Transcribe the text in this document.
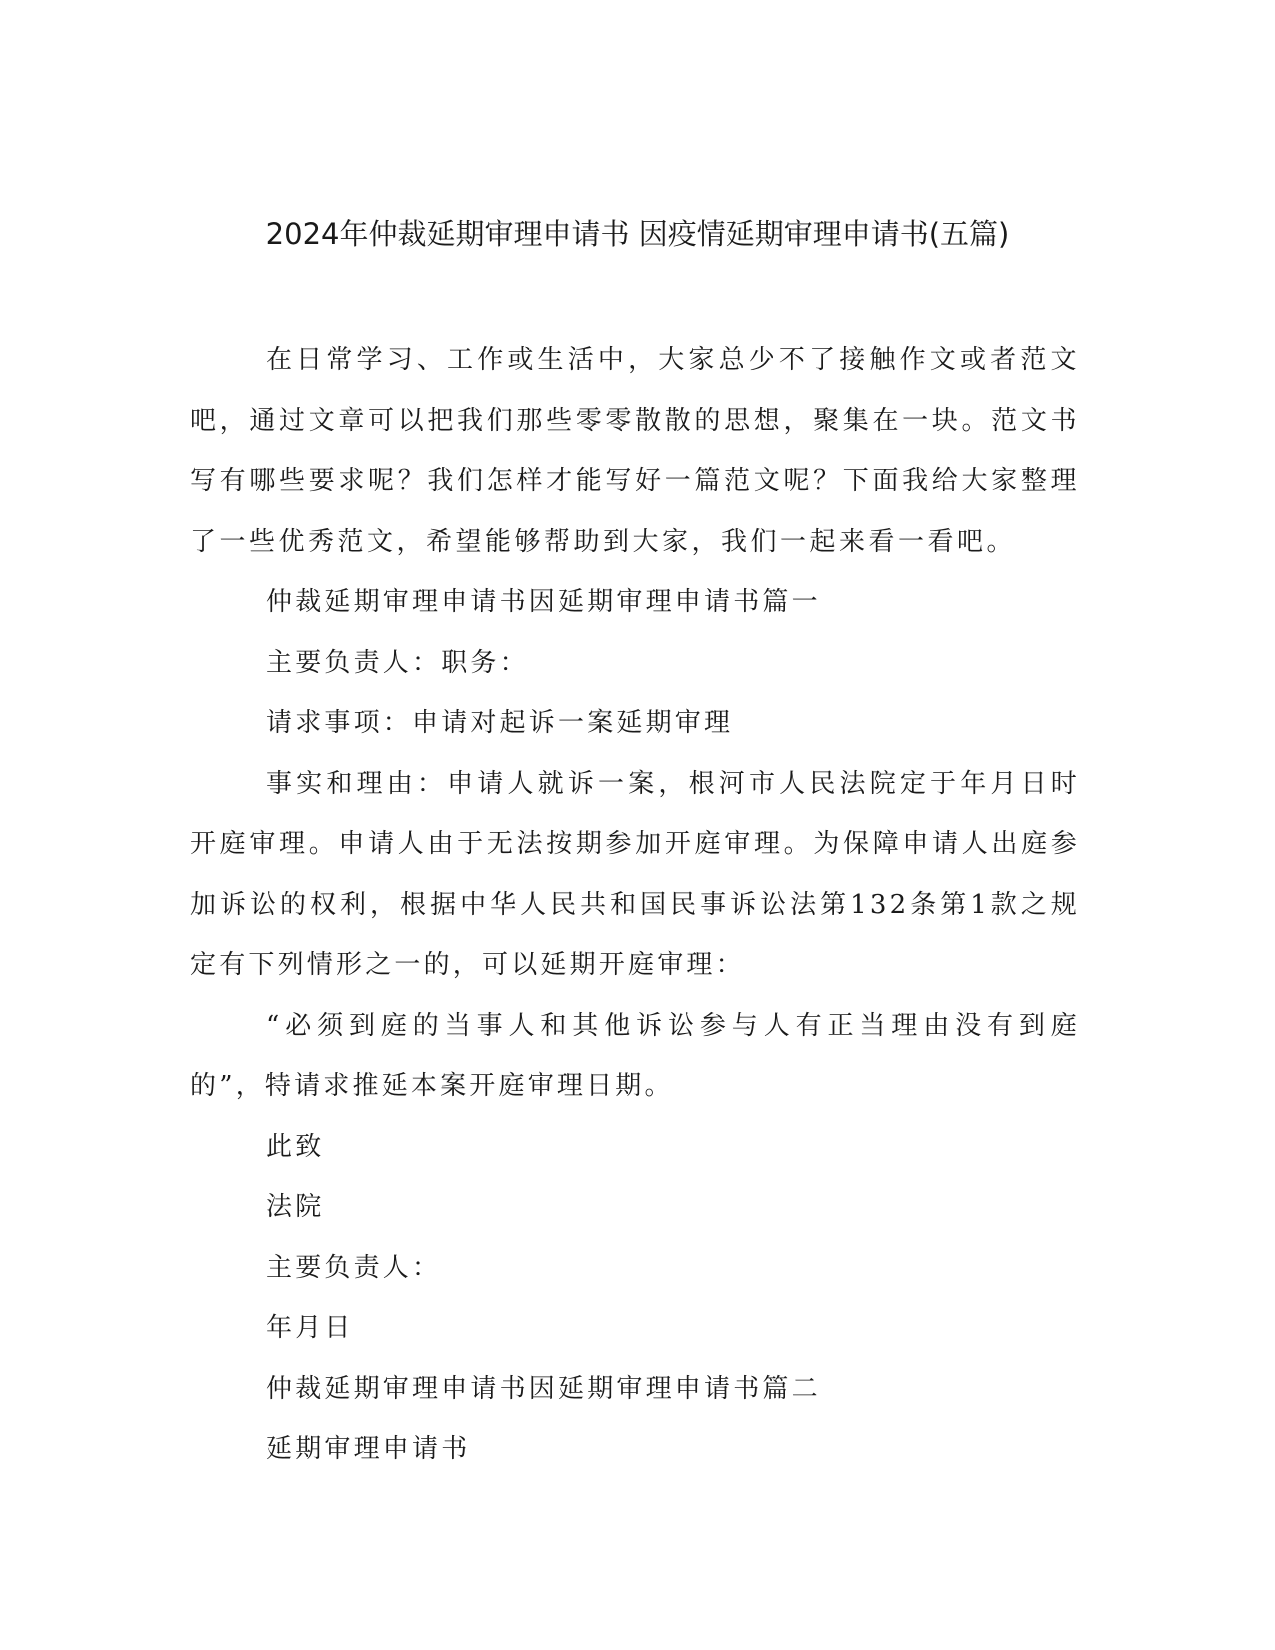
2024年仲裁延期审理申请书 因疫情延期审理申请书(五篇)

在日常学习、工作或生活中，大家总少不了接触作文或者范文吧，通过文章可以把我们那些零零散散的思想，聚集在一块。范文书写有哪些要求呢？我们怎样才能写好一篇范文呢？下面我给大家整理了一些优秀范文，希望能够帮助到大家，我们一起来看一看吧。

仲裁延期审理申请书因延期审理申请书篇一

主要负责人：职务：

请求事项：申请对起诉一案延期审理

事实和理由：申请人就诉一案，根河市人民法院定于年月日时开庭审理。申请人由于无法按期参加开庭审理。为保障申请人出庭参加诉讼的权利，根据中华人民共和国民事诉讼法第132条第1款之规定有下列情形之一的，可以延期开庭审理：

“必须到庭的当事人和其他诉讼参与人有正当理由没有到庭的”，特请求推延本案开庭审理日期。

此致

法院

主要负责人：

年月日

仲裁延期审理申请书因延期审理申请书篇二

延期审理申请书
